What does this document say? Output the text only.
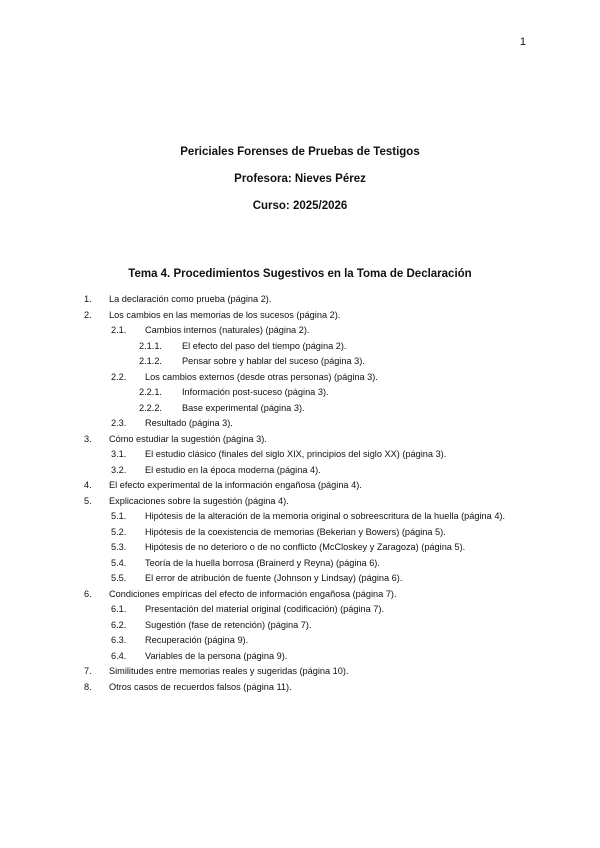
1
Periciales Forenses de Pruebas de Testigos
Profesora: Nieves Pérez
Curso: 2025/2026
Tema 4. Procedimientos Sugestivos en la Toma de Declaración
1. La declaración como prueba (página 2).
2. Los cambios en las memorias de los sucesos (página 2).
2.1. Cambios internos (naturales) (página 2).
2.1.1. El efecto del paso del tiempo (página 2).
2.1.2. Pensar sobre y hablar del suceso (página 3).
2.2. Los cambios externos (desde otras personas) (página 3).
2.2.1. Información post-suceso (página 3).
2.2.2. Base experimental (página 3).
2.3. Resultado (página 3).
3. Cómo estudiar la sugestión (página 3).
3.1. El estudio clásico (finales del siglo XIX, principios del siglo XX) (página 3).
3.2. El estudio en la época moderna (página 4).
4. El efecto experimental de la información engañosa (página 4).
5. Explicaciones sobre la sugestión (página 4).
5.1. Hipótesis de la alteración de la memoria original o sobreescritura de la huella (página 4).
5.2. Hipótesis de la coexistencia de memorias (Bekerian y Bowers) (página 5).
5.3. Hipótesis de no deterioro o de no conflicto (McCloskey y Zaragoza) (página 5).
5.4. Teoría de la huella borrosa (Brainerd y Reyna) (página 6).
5.5. El error de atribución de fuente (Johnson y Lindsay) (página 6).
6. Condiciones empíricas del efecto de información engañosa (página 7).
6.1. Presentación del material original (codificación) (página 7).
6.2. Sugestión (fase de retención) (página 7).
6.3. Recuperación (página 9).
6.4. Variables de la persona (página 9).
7. Similitudes entre memorias reales y sugeridas (página 10).
8. Otros casos de recuerdos falsos (página 11).
